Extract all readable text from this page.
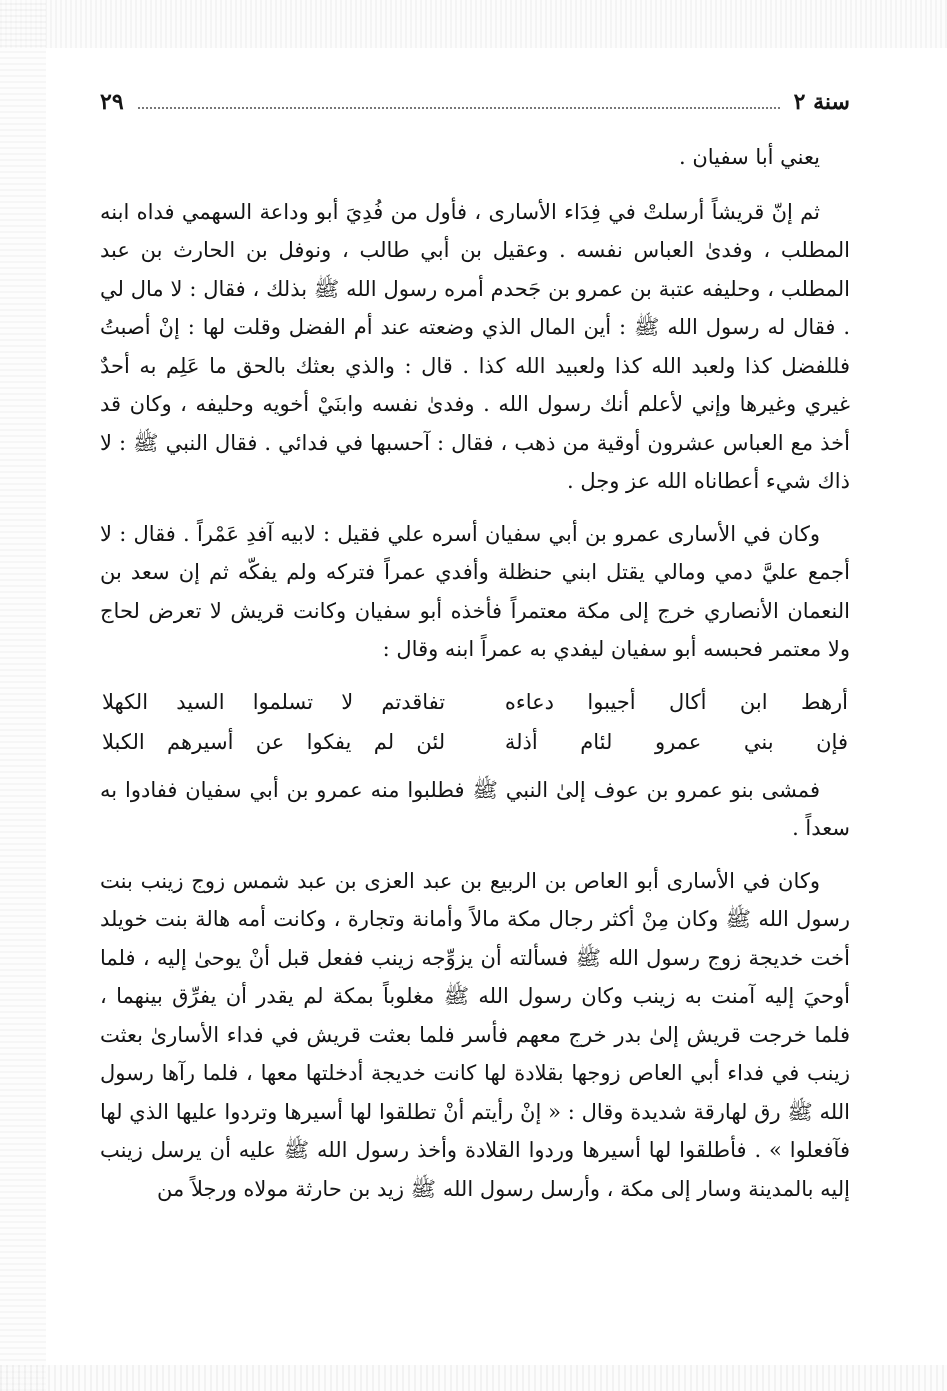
سنة ٢
٢٩

يعني أبا سفيان .

ثم إنّ قريشاً أرسلتْ في فِدَاء الأسارى ، فأول من فُدِيَ أبو وداعة السهمي فداه ابنه المطلب ، وفدىٰ العباس نفسه . وعقيل بن أبي طالب ، ونوفل بن الحارث بن عبد المطلب ، وحليفه عتبة بن عمرو بن جَحدم أمره رسول الله ﷺ بذلك ، فقال : لا مال لي . فقال له رسول الله ﷺ : أين المال الذي وضعته عند أم الفضل وقلت لها : إنْ أصبتُ فللفضل كذا ولعبد الله كذا ولعبيد الله كذا . قال : والذي بعثك بالحق ما عَلِم به أحدٌ غيري وغيرها وإني لأعلم أنك رسول الله . وفدىٰ نفسه وابنَيْ أخويه وحليفه ، وكان قد أخذ مع العباس عشرون أوقية من ذهب ، فقال : آحسبها في فدائي . فقال النبي ﷺ : لا ذاك شيء أعطاناه الله عز وجل .

وكان في الأسارى عمرو بن أبي سفيان أسره علي فقيل : لابيه آفدِ عَمْراً . فقال : لا أجمع عليَّ دمي ومالي يقتل ابني حنظلة وأفدي عمراً فتركه ولم يفكّه ثم إن سعد بن النعمان الأنصاري خرج إلى مكة معتمراً فأخذه أبو سفيان وكانت قريش لا تعرض لحاج ولا معتمر فحبسه أبو سفيان ليفدي به عمراً ابنه وقال :

أرهط ابن أكال أجيبوا دعاءه
تفاقدتم لا تسلموا السيد الكهلا
فإن بني عمرو لئام أذلة
لئن لم يفكوا عن أسيرهم الكبلا

فمشى بنو عمرو بن عوف إلىٰ النبي ﷺ فطلبوا منه عمرو بن أبي سفيان ففادوا به سعداً .

وكان في الأسارى أبو العاص بن الربيع بن عبد العزى بن عبد شمس زوج زينب بنت رسول الله ﷺ وكان مِنْ أكثر رجال مكة مالاً وأمانة وتجارة ، وكانت أمه هالة بنت خويلد أخت خديجة زوج رسول الله ﷺ فسألته أن يزوِّجه زينب ففعل قبل أنْ يوحىٰ إليه ، فلما أوحيَ إليه آمنت به زينب وكان رسول الله ﷺ مغلوباً بمكة لم يقدر أن يفرِّق بينهما ، فلما خرجت قريش إلىٰ بدر خرج معهم فأسر فلما بعثت قريش في فداء الأسارىٰ بعثت زينب في فداء أبي العاص زوجها بقلادة لها كانت خديجة أدخلتها معها ، فلما رآها رسول الله ﷺ رق لهارقة شديدة وقال : « إنْ رأيتم أنْ تطلقوا لها أسيرها وتردوا عليها الذي لها فآفعلوا » . فأطلقوا لها أسيرها وردوا القلادة وأخذ رسول الله ﷺ عليه أن يرسل زينب إليه بالمدينة وسار إلى مكة ، وأرسل رسول الله ﷺ زيد بن حارثة مولاه ورجلاً من
